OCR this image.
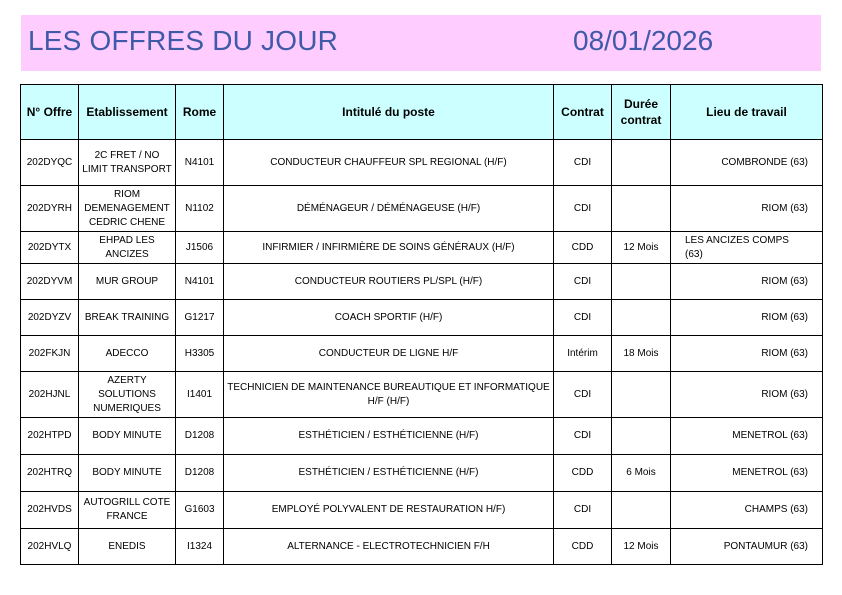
LES OFFRES DU JOUR	08/01/2026
N° Offre	Etablissement	Rome	Intitulé du poste	Contrat	Durée contrat	Lieu de travail
202DYQC	2C FRET / NO LIMIT TRANSPORT	N4101	CONDUCTEUR CHAUFFEUR SPL REGIONAL (H/F)	CDI		COMBRONDE (63)
202DYRH	RIOM DEMENAGEMENT CEDRIC CHENE	N1102	DÉMÉNAGEUR / DÉMÉNAGEUSE (H/F)	CDI		RIOM (63)
202DYTX	EHPAD LES ANCIZES	J1506	INFIRMIER / INFIRMIÈRE DE SOINS GÉNÉRAUX (H/F)	CDD	12 Mois	LES ANCIZES COMPS (63)
202DYVM	MUR GROUP	N4101	CONDUCTEUR ROUTIERS PL/SPL (H/F)	CDI		RIOM (63)
202DYZV	BREAK TRAINING	G1217	COACH SPORTIF (H/F)	CDI		RIOM (63)
202FKJN	ADECCO	H3305	CONDUCTEUR DE LIGNE H/F	Intérim	18 Mois	RIOM (63)
202HJNL	AZERTY SOLUTIONS NUMERIQUES	I1401	TECHNICIEN DE MAINTENANCE BUREAUTIQUE ET INFORMATIQUE H/F (H/F)	CDI		RIOM (63)
202HTPD	BODY MINUTE	D1208	ESTHÉTICIEN / ESTHÉTICIENNE (H/F)	CDI		MENETROL (63)
202HTRQ	BODY MINUTE	D1208	ESTHÉTICIEN / ESTHÉTICIENNE (H/F)	CDD	6 Mois	MENETROL (63)
202HVDS	AUTOGRILL COTE FRANCE	G1603	EMPLOYÉ POLYVALENT DE RESTAURATION H/F)	CDI		CHAMPS (63)
202HVLQ	ENEDIS	I1324	ALTERNANCE - ELECTROTECHNICIEN F/H	CDD	12 Mois	PONTAUMUR (63)
